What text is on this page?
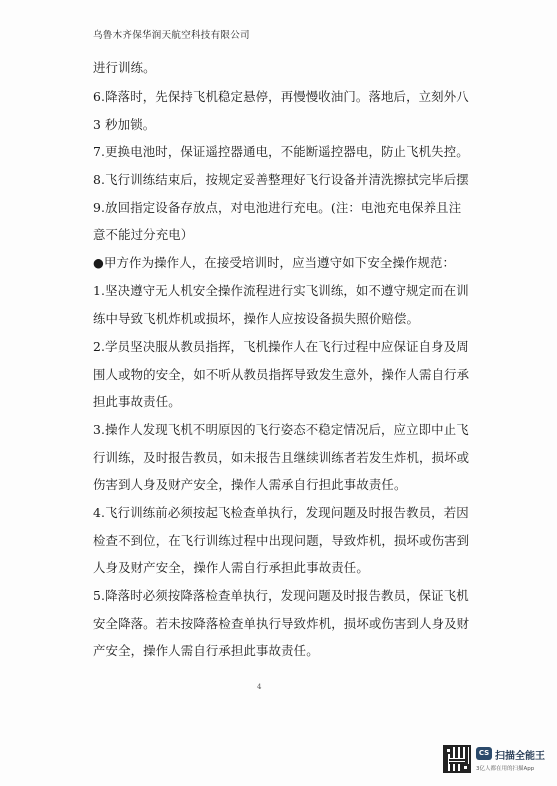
乌鲁木齐保华润天航空科技有限公司
进行训练。
6.降落时，先保持飞机稳定悬停，再慢慢收油门。落地后，立刻外八
3 秒加锁。
7.更换电池时，保证遥控器通电，不能断遥控器电，防止飞机失控。
8.飞行训练结束后，按规定妥善整理好飞行设备并清洗擦拭完毕后摆
9.放回指定设备存放点，对电池进行充电。(注：电池充电保养且注
意不能过分充电）
●甲方作为操作人，在接受培训时，应当遵守如下安全操作规范：
1.坚决遵守无人机安全操作流程进行实飞训练，如不遵守规定而在训
练中导致飞机炸机或损坏，操作人应按设备损失照价赔偿。
2.学员坚决服从教员指挥，飞机操作人在飞行过程中应保证自身及周
围人或物的安全，如不听从教员指挥导致发生意外，操作人需自行承
担此事故责任。
3.操作人发现飞机不明原因的飞行姿态不稳定情况后，应立即中止飞
行训练，及时报告教员，如未报告且继续训练者若发生炸机，损坏或
伤害到人身及财产安全，操作人需承自行担此事故责任。
4.飞行训练前必须按起飞检查单执行，发现问题及时报告教员，若因
检查不到位，在飞行训练过程中出现问题，导致炸机，损坏或伤害到
人身及财产安全，操作人需自行承担此事故责任。
5.降落时必须按降落检查单执行，发现问题及时报告教员，保证飞机
安全降落。若未按降落检查单执行导致炸机，损坏或伤害到人身及财
产安全，操作人需自行承担此事故责任。
4
CS 扫描全能王
3亿人都在用的扫描App
